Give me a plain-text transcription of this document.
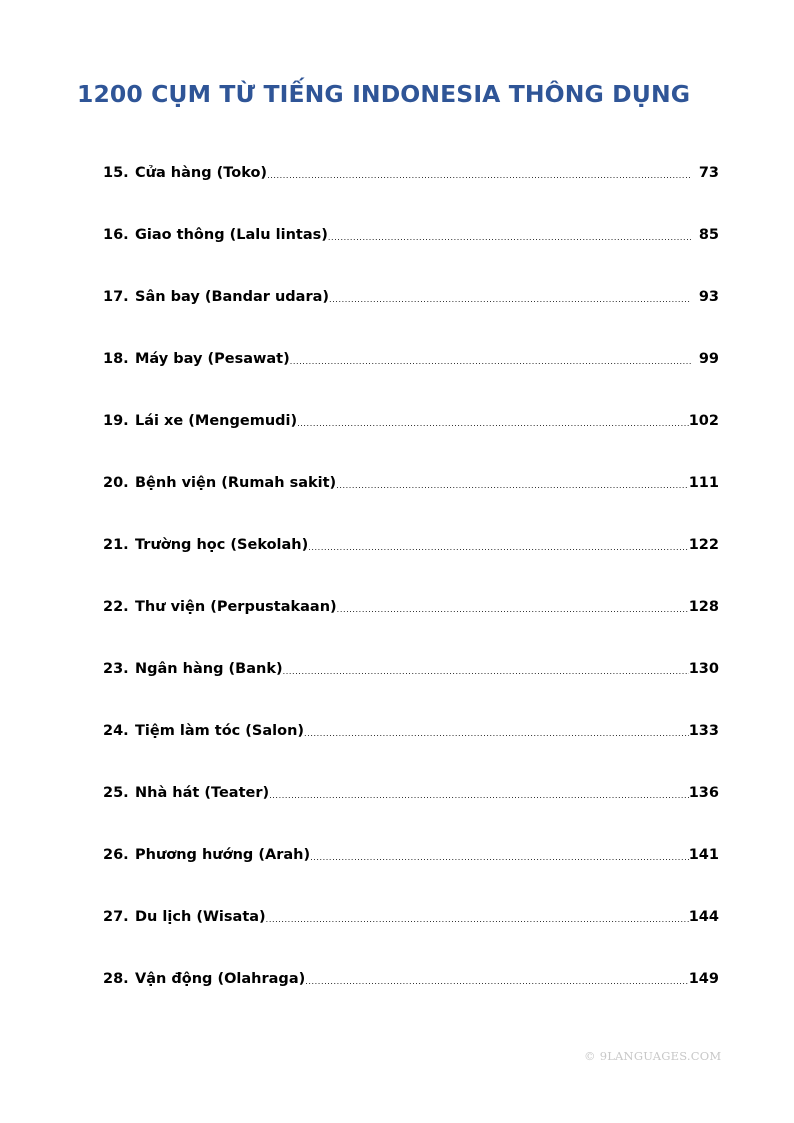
1200 CỤM TỪ TIẾNG INDONESIA THÔNG DỤNG
15. Cửa hàng (Toko) .....	73
16. Giao thông (Lalu lintas) .....	85
17. Sân bay (Bandar udara) .....	93
18. Máy bay (Pesawat) .....	99
19. Lái xe (Mengemudi) .....	102
20. Bệnh viện (Rumah sakit) .....	111
21. Trường học (Sekolah) .....	122
22. Thư viện (Perpustakaan) .....	128
23. Ngân hàng (Bank) .....	130
24. Tiệm làm tóc (Salon) .....	133
25. Nhà hát (Teater) .....	136
26. Phương hướng (Arah) .....	141
27. Du lịch (Wisata) .....	144
28. Vận động (Olahraga) .....	149
© 9LANGUAGES.COM
